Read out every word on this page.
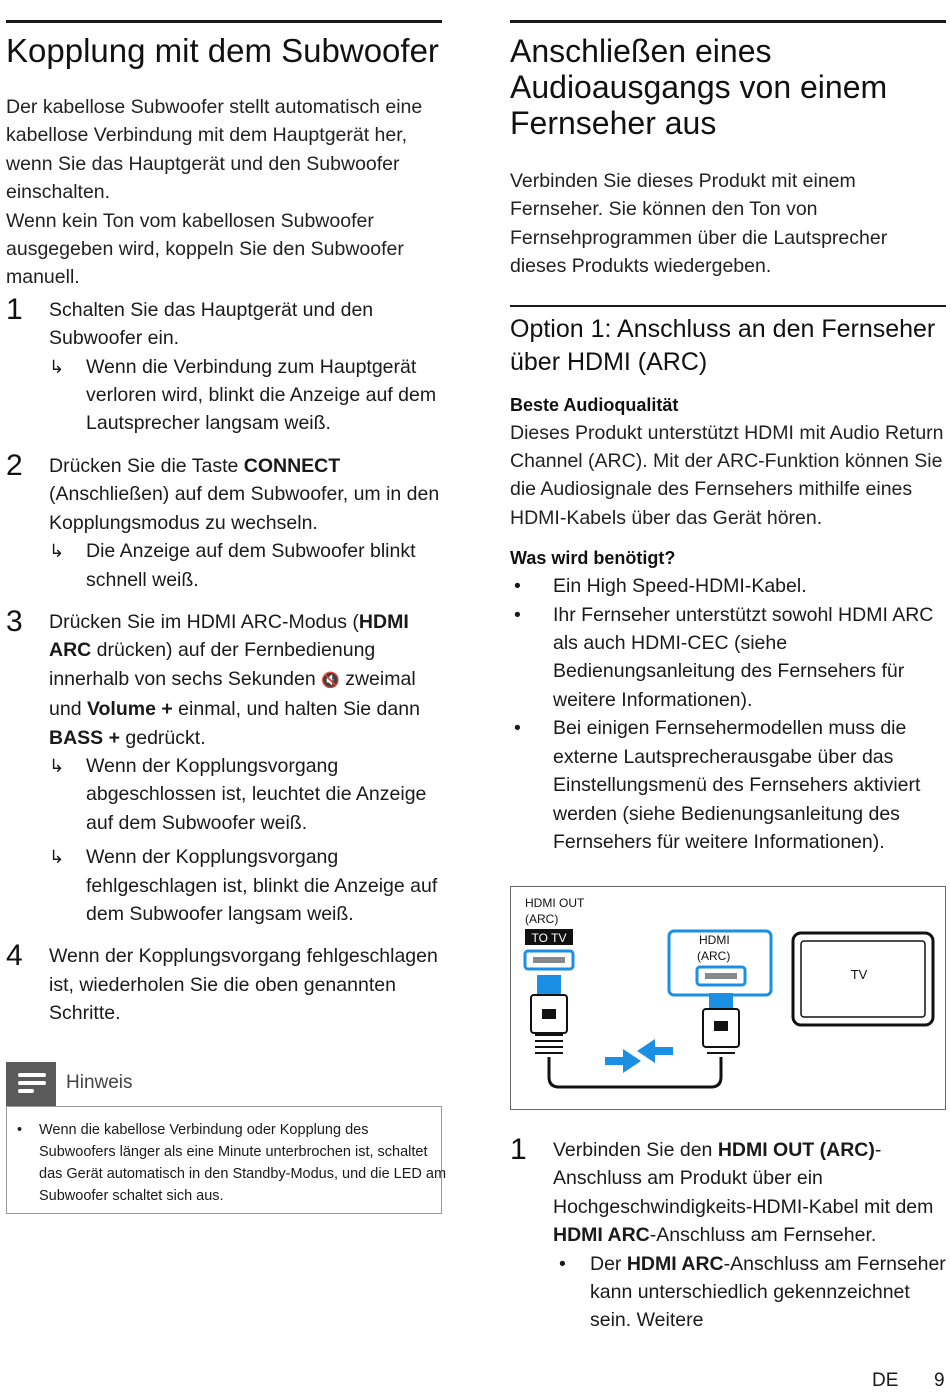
Kopplung mit dem Subwoofer

Der kabellose Subwoofer stellt automatisch eine kabellose Verbindung mit dem Hauptgerät her, wenn Sie das Hauptgerät und den Subwoofer einschalten.

Wenn kein Ton vom kabellosen Subwoofer ausgegeben wird, koppeln Sie den Subwoofer manuell.

1 Schalten Sie das Hauptgerät und den Subwoofer ein.
↳ Wenn die Verbindung zum Hauptgerät verloren wird, blinkt die Anzeige auf dem Lautsprecher langsam weiß.
2 Drücken Sie die Taste CONNECT (Anschließen) auf dem Subwoofer, um in den Kopplungsmodus zu wechseln.
↳ Die Anzeige auf dem Subwoofer blinkt schnell weiß.
3 Drücken Sie im HDMI ARC-Modus (HDMI ARC drücken) auf der Fernbedienung innerhalb von sechs Sekunden 🔇 zweimal und Volume + einmal, und halten Sie dann BASS + gedrückt.
↳ Wenn der Kopplungsvorgang abgeschlossen ist, leuchtet die Anzeige auf dem Subwoofer weiß.
↳ Wenn der Kopplungsvorgang fehlgeschlagen ist, blinkt die Anzeige auf dem Subwoofer langsam weiß.
4 Wenn der Kopplungsvorgang fehlgeschlagen ist, wiederholen Sie die oben genannten Schritte.
Hinweis
• Wenn die kabellose Verbindung oder Kopplung des Subwoofers länger als eine Minute unterbrochen ist, schaltet das Gerät automatisch in den Standby-Modus, und die LED am Subwoofer schaltet sich aus.
Anschließen eines Audioausgangs von einem Fernseher aus

Verbinden Sie dieses Produkt mit einem Fernseher. Sie können den Ton von Fernsehprogrammen über die Lautsprecher dieses Produkts wiedergeben.

Option 1: Anschluss an den Fernseher über HDMI (ARC)

Beste Audioqualität

Dieses Produkt unterstützt HDMI mit Audio Return Channel (ARC). Mit der ARC-Funktion können Sie die Audiosignale des Fernsehers mithilfe eines HDMI-Kabels über das Gerät hören.

Was wird benötigt?

• Ein High Speed-HDMI-Kabel.
• Ihr Fernseher unterstützt sowohl HDMI ARC als auch HDMI-CEC (siehe Bedienungsanleitung des Fernsehers für weitere Informationen).
• Bei einigen Fernsehermodellen muss die externe Lautsprecherausgabe über das Einstellungsmenü des Fernsehers aktiviert werden (siehe Bedienungsanleitung des Fernsehers für weitere Informationen).
HDMI OUT
(ARC)
TO TV	HDMI
(ARC)
TV
1 Verbinden Sie den HDMI OUT (ARC)-Anschluss am Produkt über ein Hochgeschwindigkeits-HDMI-Kabel mit dem HDMI ARC-Anschluss am Fernseher.
• Der HDMI ARC-Anschluss am Fernseher kann unterschiedlich gekennzeichnet sein. Weitere
DE 9
